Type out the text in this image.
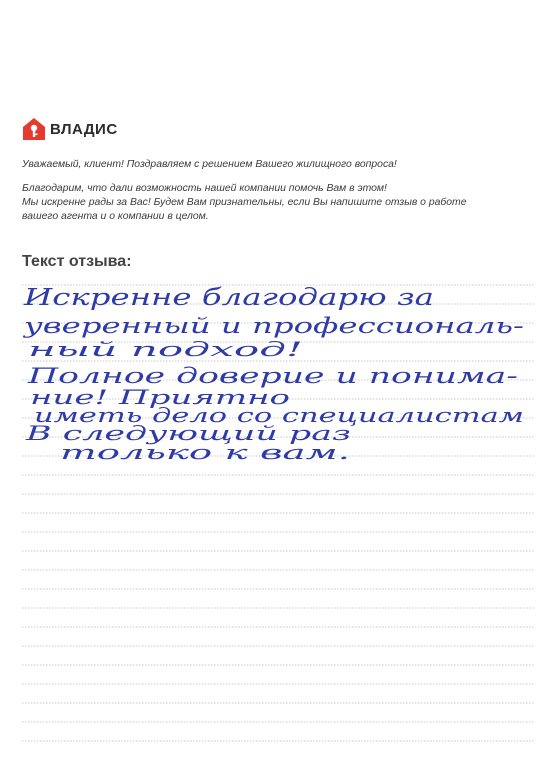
ВЛАДИС

Уважаемый, клиент! Поздравляем с решением Вашего жилищного вопроса!

Благодарим, что дали возможность нашей компании помочь Вам в этом!

Мы искренне рады за Вас! Будем Вам признательны, если Вы напишите отзыв о работе

вашего агента и о компании в целом.

Текст отзыва:
Искренне благодарю за
уверенный и профессиональ-
ный подход!
Полное доверие и понима-
ние! Приятно
иметь дело со специалистам
В следующий раз
только к вам.
